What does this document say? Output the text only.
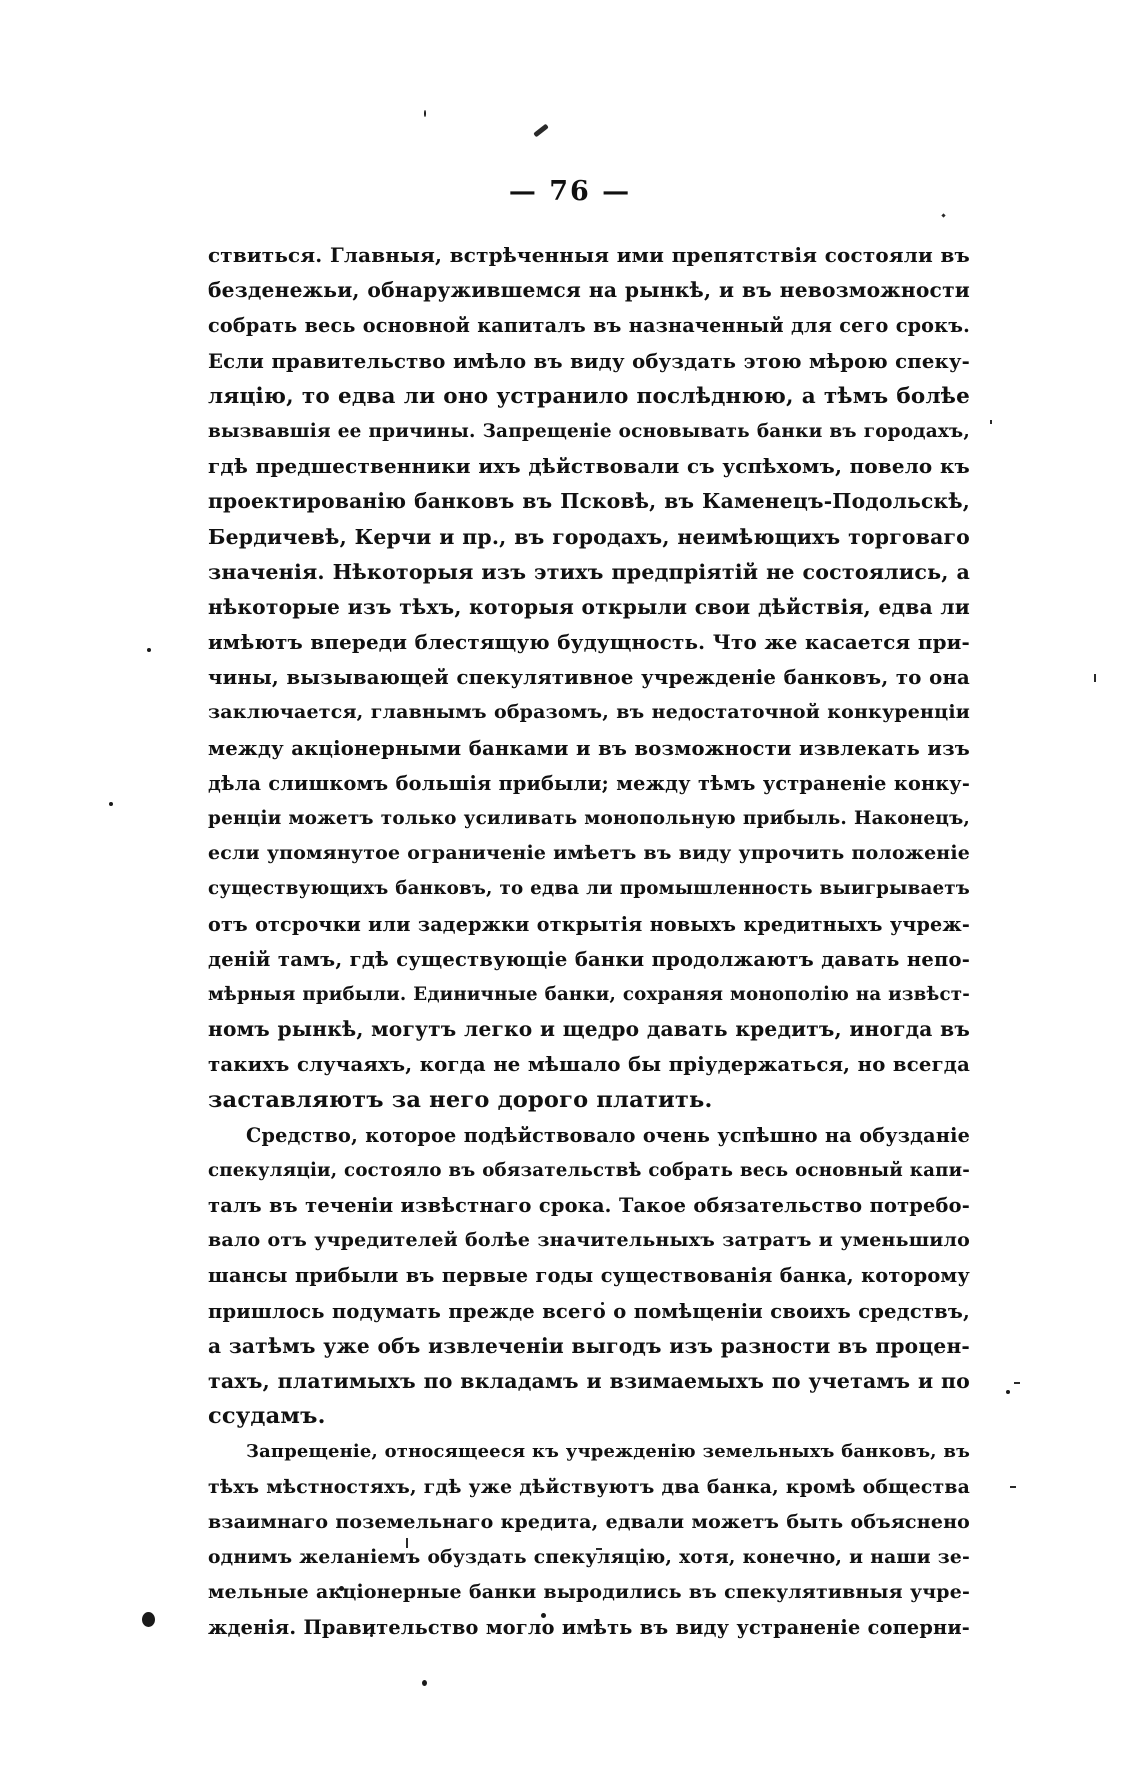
— 76 —
ствиться. Главныя, встрѣченныя ими препятствія состояли въ
безденежьи, обнаружившемся на рынкѣ, и въ невозможности
собрать весь основной капиталъ въ назначенный для сего срокъ.
Если правительство имѣло въ виду обуздать этою мѣрою спеку-
ляцію, то едва ли оно устранило послѣднюю, а тѣмъ болѣе
вызвавшія ее причины. Запрещеніе основывать банки въ городахъ,
гдѣ предшественники ихъ дѣйствовали съ успѣхомъ, повело къ
проектированію банковъ въ Псковѣ, въ Каменецъ-Подольскѣ,
Бердичевѣ, Керчи и пр., въ городахъ, неимѣющихъ торговаго
значенія. Нѣкоторыя изъ этихъ предпріятій не состоялись, а
нѣкоторые изъ тѣхъ, которыя открыли свои дѣйствія, едва ли
имѣютъ впереди блестящую будущность. Что же касается при-
чины, вызывающей спекулятивное учрежденіе банковъ, то она
заключается, главнымъ образомъ, въ недостаточной конкуренціи
между акціонерными банками и въ возможности извлекать изъ
дѣла слишкомъ большія прибыли; между тѣмъ устраненіе конку-
ренціи можетъ только усиливать монопольную прибыль. Наконецъ,
если упомянутое ограниченіе имѣетъ въ виду упрочить положеніе
существующихъ банковъ, то едва ли промышленность выигрываетъ
отъ отсрочки или задержки открытія новыхъ кредитныхъ учреж-
деній тамъ, гдѣ существующіе банки продолжаютъ давать непо-
мѣрныя прибыли. Единичные банки, сохраняя монополію на извѣст-
номъ рынкѣ, могутъ легко и щедро давать кредитъ, иногда въ
такихъ случаяхъ, когда не мѣшало бы пріудержаться, но всегда
заставляютъ за него дорого платить.
Средство, которое подѣйствовало очень успѣшно на обузданіе
спекуляціи, состояло въ обязательствѣ собрать весь основный капи-
талъ въ теченіи извѣстнаго срока. Такое обязательство потребо-
вало отъ учредителей болѣе значительныхъ затратъ и уменьшило
шансы прибыли въ первые годы существованія банка, которому
пришлось подумать прежде всего о помѣщеніи своихъ средствъ,
а затѣмъ уже объ извлеченіи выгодъ изъ разности въ процен-
тахъ, платимыхъ по вкладамъ и взимаемыхъ по учетамъ и по
ссудамъ.
Запрещеніе, относящееся къ учрежденію земельныхъ банковъ, въ
тѣхъ мѣстностяхъ, гдѣ уже дѣйствуютъ два банка, кромѣ общества
взаимнаго поземельнаго кредита, едвали можетъ быть объяснено
однимъ желаніемъ обуздать спекуляцію, хотя, конечно, и наши зе-
мельные акціонерные банки выродились въ спекулятивныя учре-
жденія. Правительство могло имѣть въ виду устраненіе соперни-
